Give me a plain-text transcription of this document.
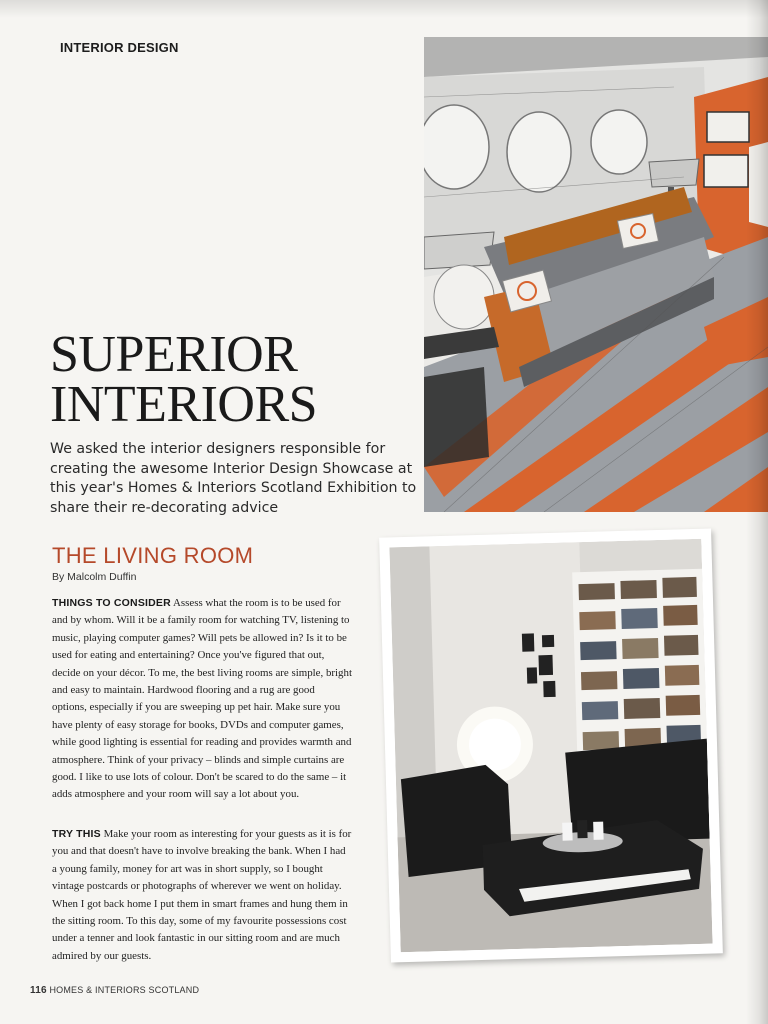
INTERIOR DESIGN
SUPERIOR
INTERIORS
We asked the interior designers responsible for creating the awesome Interior Design Showcase at this year's Homes & Interiors Scotland Exhibition to share their re-decorating advice
THE LIVING ROOM
By Malcolm Duffin
THINGS TO CONSIDER Assess what the room is to be used for and by whom. Will it be a family room for watching TV, listening to music, playing computer games? Will pets be allowed in? Is it to be used for eating and entertaining? Once you've figured that out, decide on your décor. To me, the best living rooms are simple, bright and easy to maintain. Hardwood flooring and a rug are good options, especially if you are sweeping up pet hair. Make sure you have plenty of easy storage for books, DVDs and computer games, while good lighting is essential for reading and provides warmth and atmosphere. Think of your privacy – blinds and simple curtains are good. I like to use lots of colour. Don't be scared to do the same – it adds atmosphere and your room will say a lot about you.
TRY THIS Make your room as interesting for your guests as it is for you and that doesn't have to involve breaking the bank. When I had a young family, money for art was in short supply, so I bought vintage postcards or photographs of wherever we went on holiday. When I got back home I put them in smart frames and hung them in the sitting room. To this day, some of my favourite possessions cost under a tenner and look fantastic in our sitting room and are much admired by our guests.
116 HOMES & INTERIORS SCOTLAND
